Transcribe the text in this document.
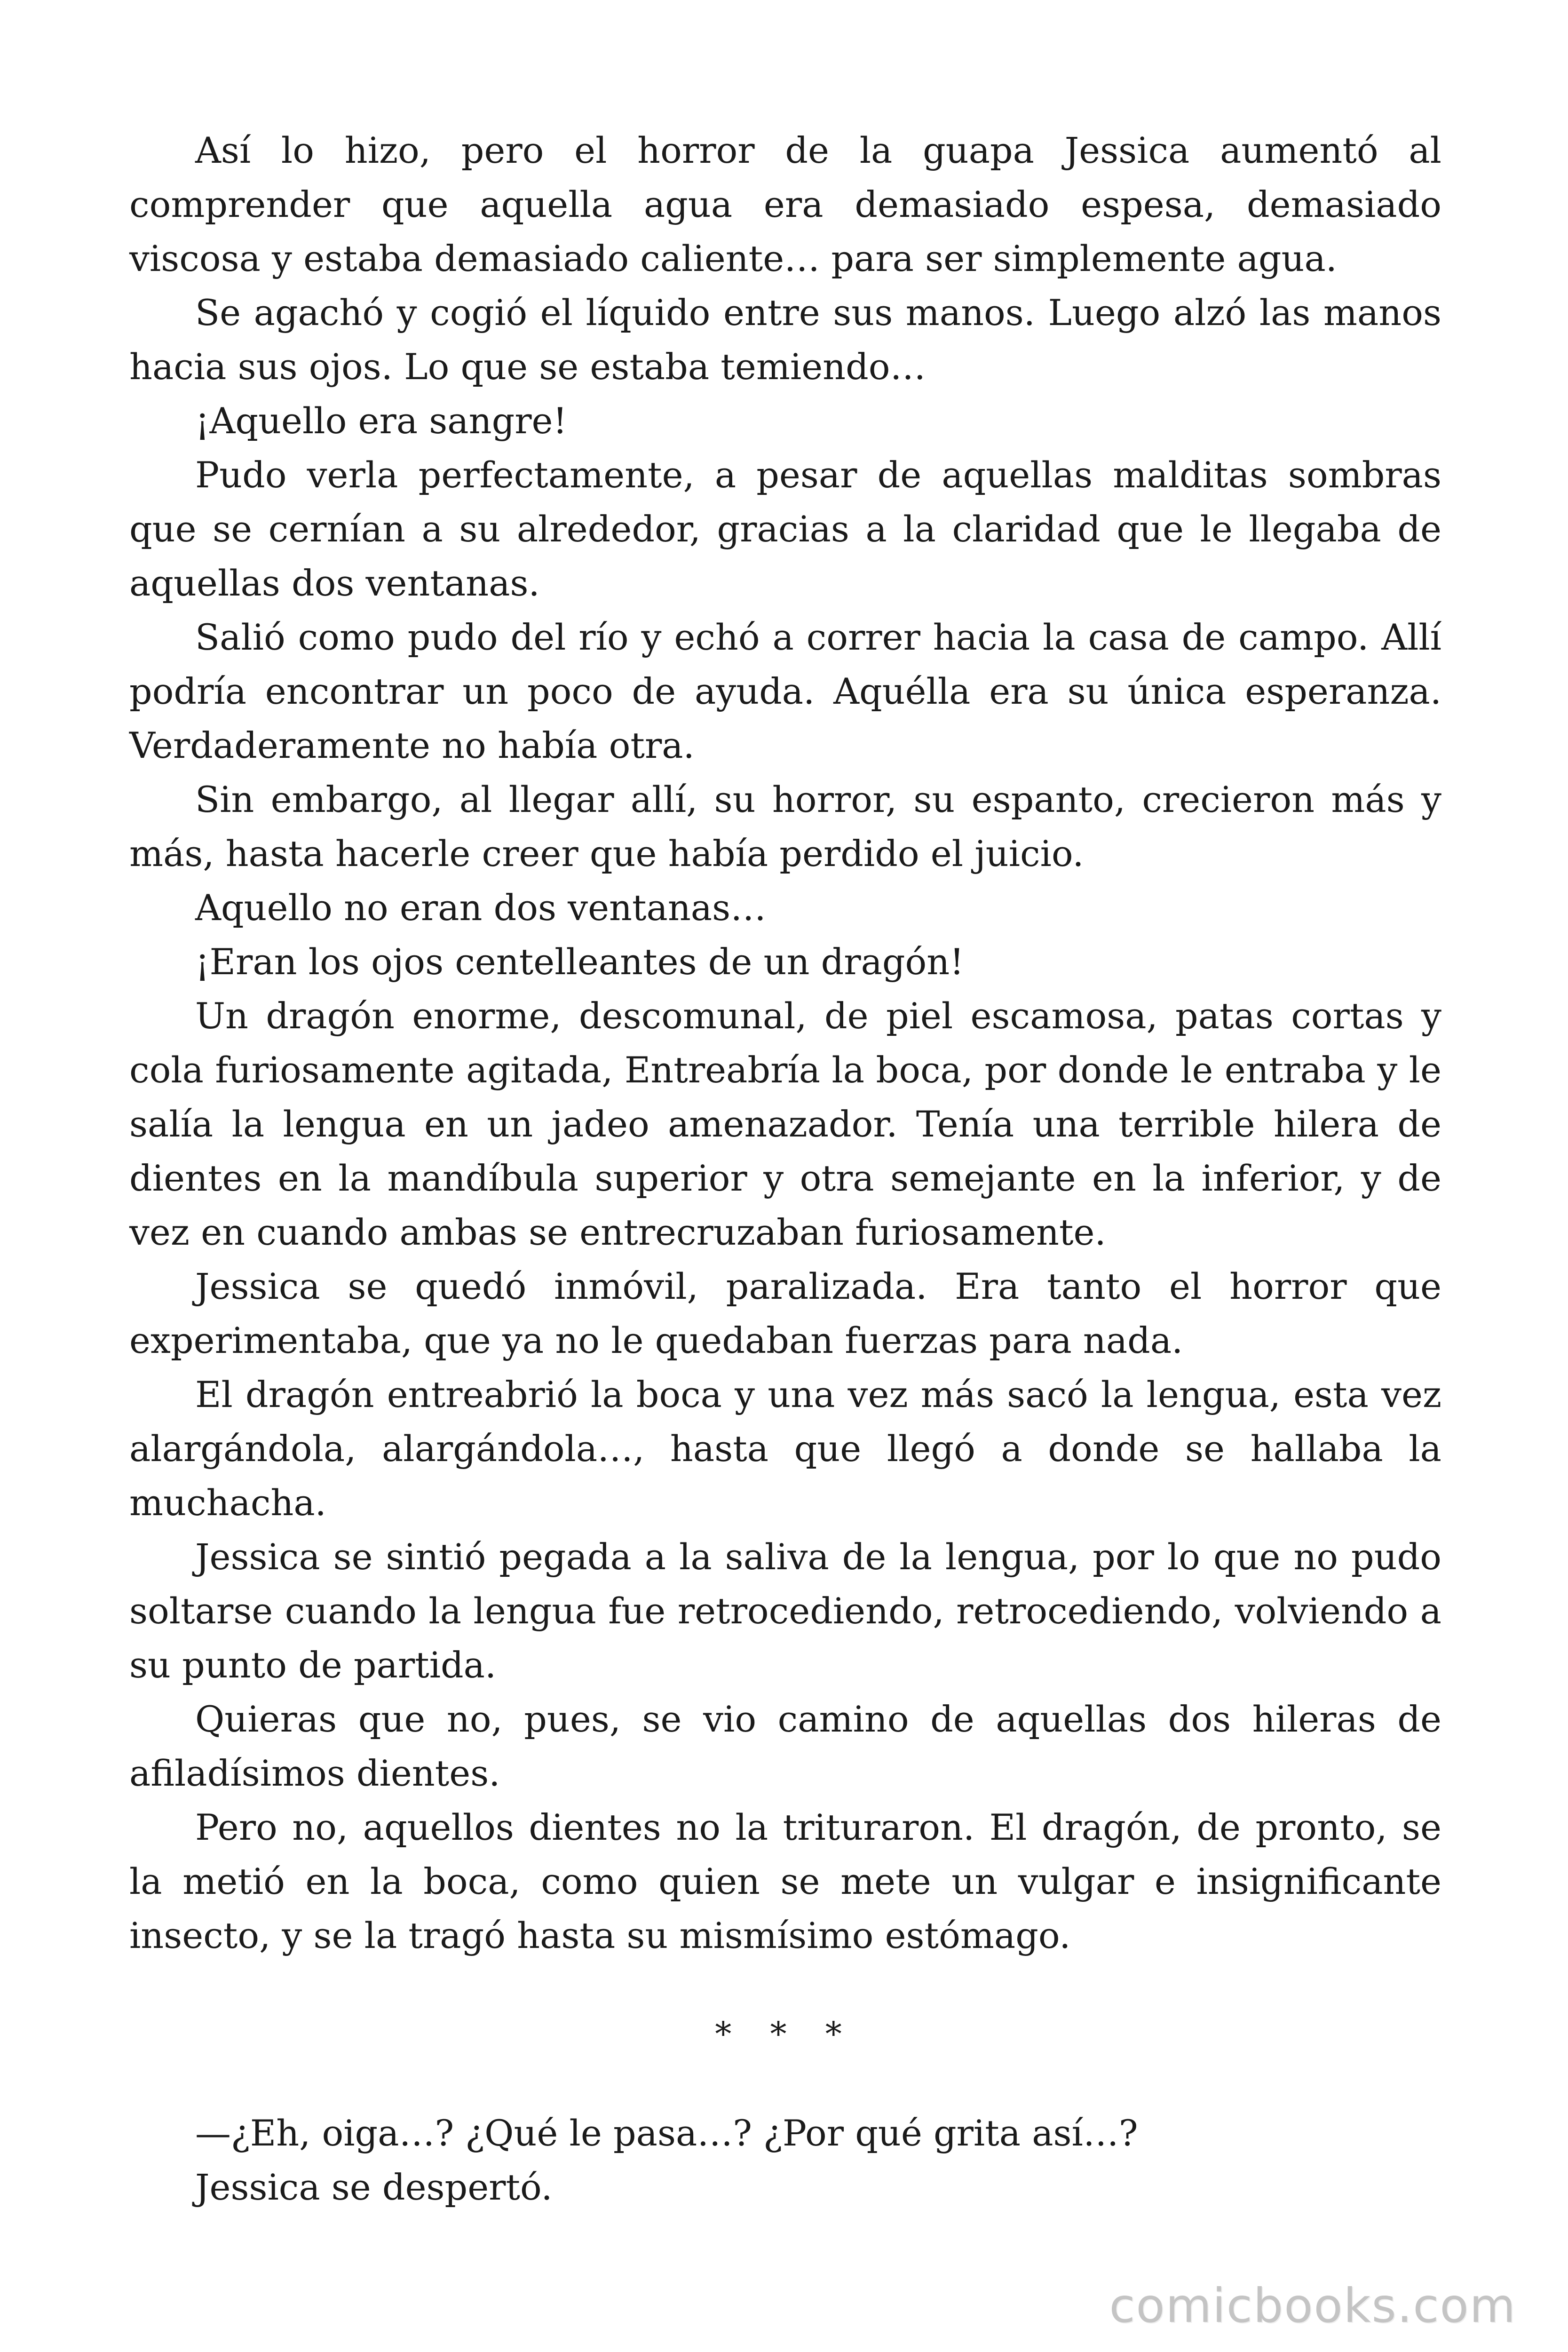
Así lo hizo, pero el horror de la guapa Jessica aumentó al comprender que aquella agua era demasiado espesa, demasiado viscosa y estaba demasiado caliente… para ser simplemente agua.

Se agachó y cogió el líquido entre sus manos. Luego alzó las manos hacia sus ojos. Lo que se estaba temiendo…

¡Aquello era sangre!

Pudo verla perfectamente, a pesar de aquellas malditas sombras que se cernían a su alrededor, gracias a la claridad que le llegaba de aquellas dos ventanas.

Salió como pudo del río y echó a correr hacia la casa de campo. Allí podría encontrar un poco de ayuda. Aquélla era su única esperanza. Verdaderamente no había otra.

Sin embargo, al llegar allí, su horror, su espanto, crecieron más y más, hasta hacerle creer que había perdido el juicio.

Aquello no eran dos ventanas…

¡Eran los ojos centelleantes de un dragón!

Un dragón enorme, descomunal, de piel escamosa, patas cortas y cola furiosamente agitada, Entreabría la boca, por donde le entraba y le salía la lengua en un jadeo amenazador. Tenía una terrible hilera de dientes en la mandíbula superior y otra semejante en la inferior, y de vez en cuando ambas se entrecruzaban furiosamente.

Jessica se quedó inmóvil, paralizada. Era tanto el horror que experimentaba, que ya no le quedaban fuerzas para nada.

El dragón entreabrió la boca y una vez más sacó la lengua, esta vez alargándola, alargándola…, hasta que llegó a donde se hallaba la muchacha.

Jessica se sintió pegada a la saliva de la lengua, por lo que no pudo soltarse cuando la lengua fue retrocediendo, retrocediendo, volviendo a su punto de partida.

Quieras que no, pues, se vio camino de aquellas dos hileras de afiladísimos dientes.

Pero no, aquellos dientes no la trituraron. El dragón, de pronto, se la metió en la boca, como quien se mete un vulgar e insignificante insecto, y se la tragó hasta su mismísimo estómago.

* * *

—¿Eh, oiga…? ¿Qué le pasa…? ¿Por qué grita así…?

Jessica se despertó.

comicbooks.com
